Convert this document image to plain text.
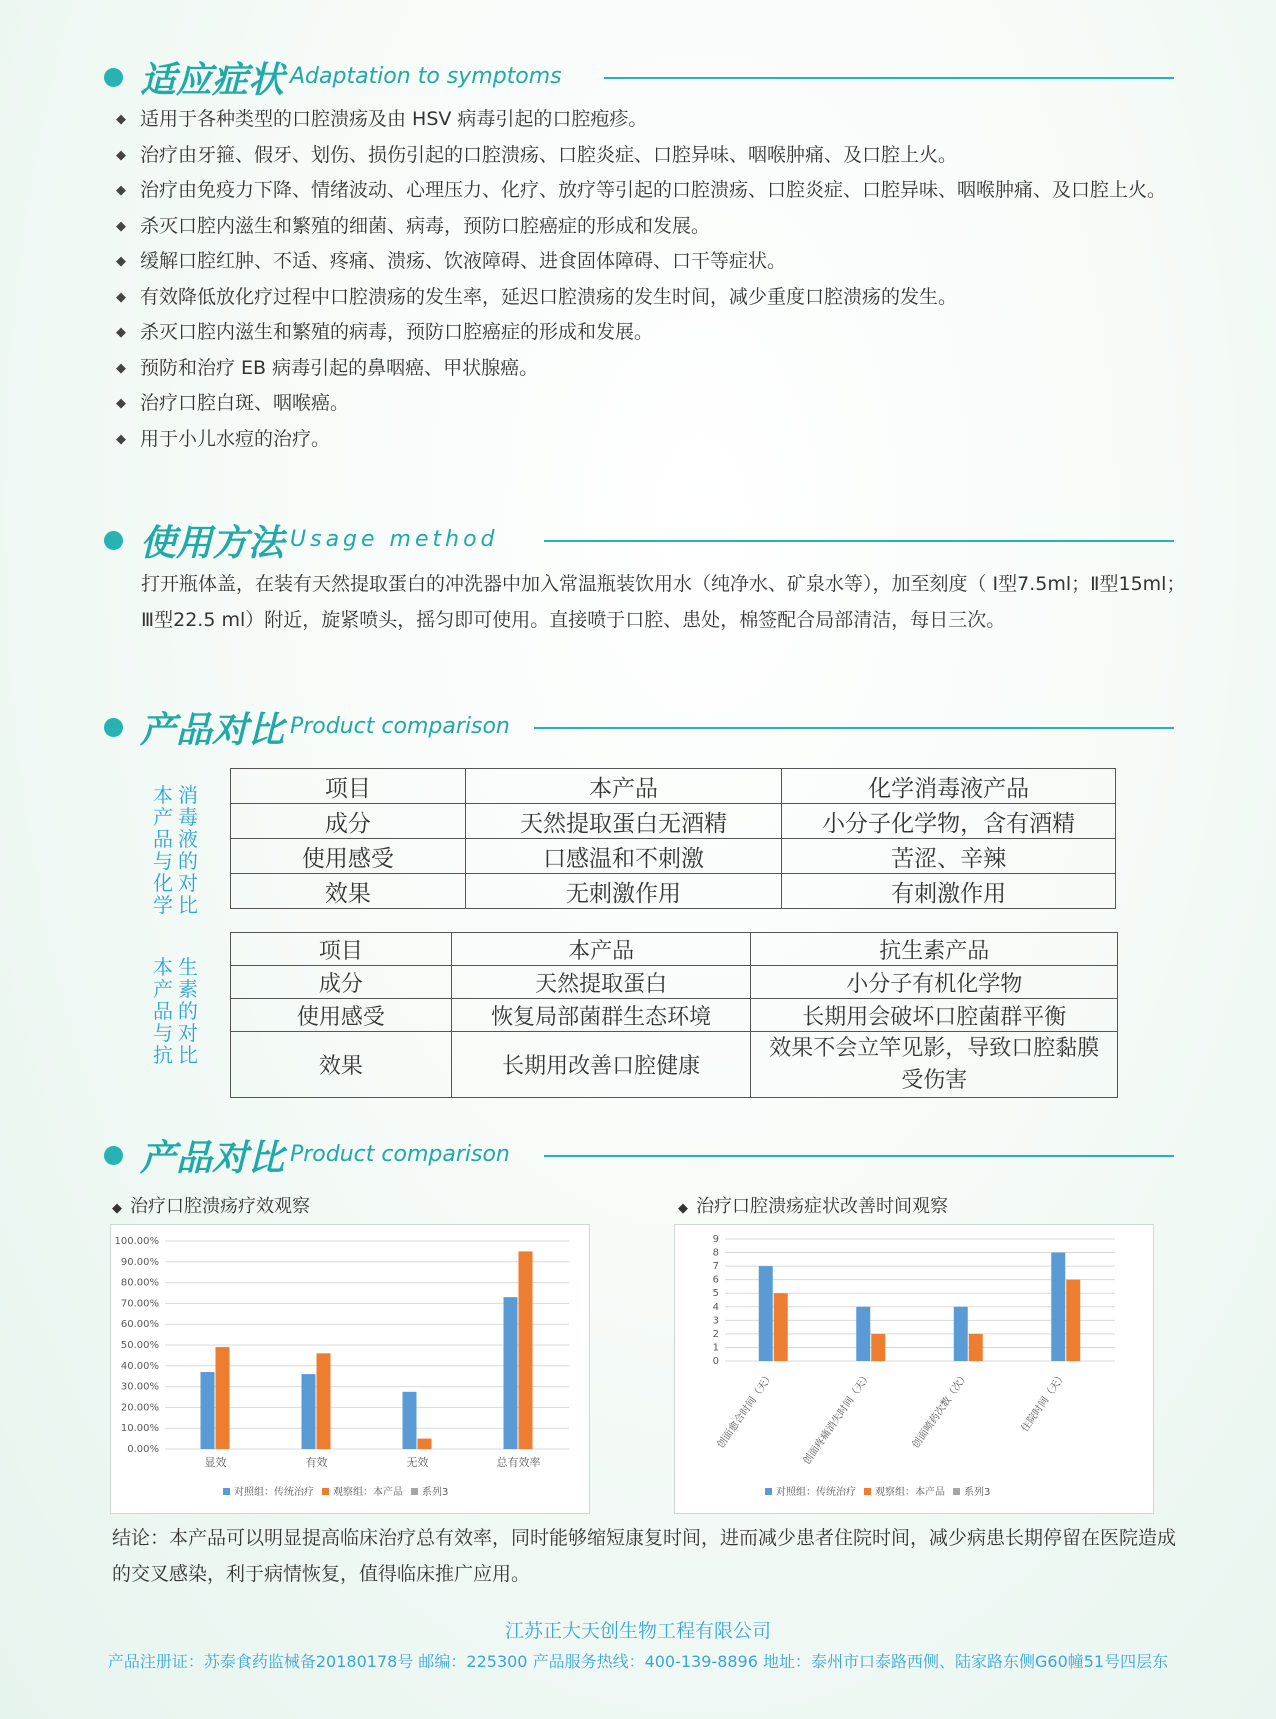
适应症状 Adaptation to symptoms
◆ 适用于各种类型的口腔溃疡及由 HSV 病毒引起的口腔疱疹。
◆ 治疗由牙箍、假牙、划伤、损伤引起的口腔溃疡、口腔炎症、口腔异味、咽喉肿痛、及口腔上火。
◆ 治疗由免疫力下降、情绪波动、心理压力、化疗、放疗等引起的口腔溃疡、口腔炎症、口腔异味、咽喉肿痛、及口腔上火。
◆ 杀灭口腔内滋生和繁殖的细菌、病毒，预防口腔癌症的形成和发展。
◆ 缓解口腔红肿、不适、疼痛、溃疡、饮液障碍、进食固体障碍、口干等症状。
◆ 有效降低放化疗过程中口腔溃疡的发生率，延迟口腔溃疡的发生时间，减少重度口腔溃疡的发生。
◆ 杀灭口腔内滋生和繁殖的病毒，预防口腔癌症的形成和发展。
◆ 预防和治疗 EB 病毒引起的鼻咽癌、甲状腺癌。
◆ 治疗口腔白斑、咽喉癌。
◆ 用于小儿水痘的治疗。
使用方法 Usage method

打开瓶体盖，在装有天然提取蛋白的冲洗器中加入常温瓶装饮用水（纯净水、矿泉水等），加至刻度（ Ⅰ型7.5ml；Ⅱ型15ml；Ⅲ型22.5 ml）附近，旋紧喷头，摇匀即可使用。直接喷于口腔、患处，棉签配合局部清洁，每日三次。

产品对比 Product comparison
消
毒
液
的
对
比
本
产
品
与
化
学
项目	本产品	化学消毒液产品
成分	天然提取蛋白无酒精	小分子化学物，含有酒精
使用感受	口感温和不刺激	苦涩、辛辣
效果	无刺激作用	有刺激作用
生
素
的
对
比
本
产
品
与
抗
项目	本产品	抗生素产品
成分	天然提取蛋白	小分子有机化学物
使用感受	恢复局部菌群生态环境	长期用会破坏口腔菌群平衡
效果	长期用改善口腔健康	效果不会立竿见影，导致口腔黏膜受伤害
产品对比 Product comparison
◆ 治疗口腔溃疡疗效观察	◆ 治疗口腔溃疡症状改善时间观察
0.00%
10.00%
20.00%
30.00%
40.00%
50.00%
60.00%
70.00%
80.00%
90.00%
100.00%
显效	有效	无效	总有效率
对照组：传统治疗 观察组：本产品 系列3
0
1
2
3
4
5
6
7
8
9
创面愈合时间（天）	创面疼痛消失时间（天）	创面喷药次数（次）	住院时间（天）
对照组：传统治疗 观察组：本产品 系列3

结论：本产品可以明显提高临床治疗总有效率，同时能够缩短康复时间，进而减少患者住院时间，减少病患长期停留在医院造成的交叉感染，利于病情恢复，值得临床推广应用。

江苏正大天创生物工程有限公司
产品注册证：苏泰食药监械备20180178号 邮编：225300 产品服务热线：400-139-8896 地址：泰州市口泰路西侧、陆家路东侧G60幢51号四层东
